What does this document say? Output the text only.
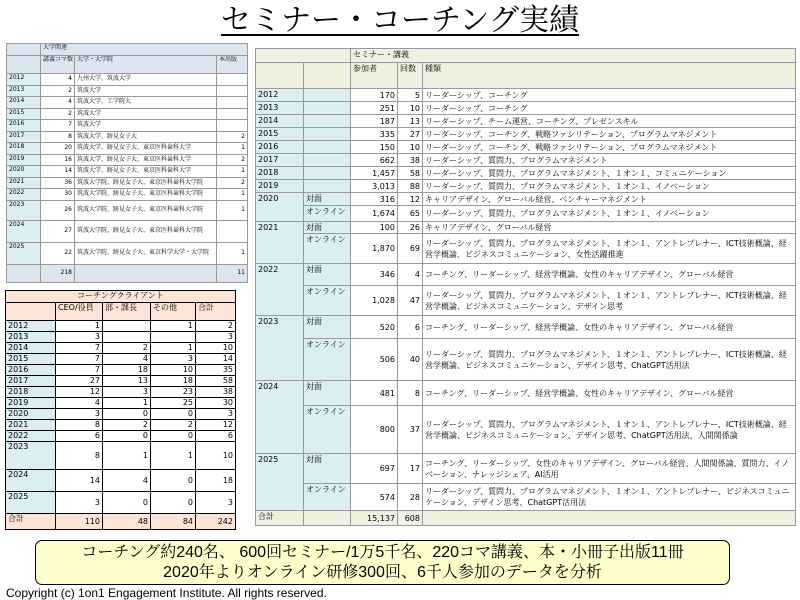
セミナー・コーチング実績
	大学関連		
	講義コマ数	大学・大学院	本出版
2012	4	九州大学、筑波大学	
2013	2	筑波大学	
2014	4	筑波大学、工学院大	
2015	2	筑波大学	
2016	7	筑波大学	
2017	8	筑波大学、跡見女子大	2
2018	20	筑波大学、跡見女子大、東京医科歯科大学	1
2019	16	筑波大学、跡見女子大、東京医科歯科大学	2
2020	14	筑波大学、跡見女子大、東京医科歯科大学	1
2021	36	筑波大学院、跡見女子大、東京医科歯科大学院	2
2022	30	筑波大学院、跡見女子大、東京医科歯科大学院	1
2023	26	筑波大学院、跡見女子大、東京医科歯科大学院	1
2024	27	筑波大学院、跡見女子大、東京医科歯科大学院	
2025	22	筑波大学院、跡見女子大、東京科学大学・大学院	1
	218		11
コーチングクライアント				
	CEO/役員	部・課長	その他	合計
2012	1		1	2
2013	3			3
2014	7	2	1	10
2015	7	4	3	14
2016	7	18	10	35
2017	27	13	18	58
2018	12	3	23	38
2019	4	1	25	30
2020	3	0	0	3
2021	8	2	2	12
2022	6	0	0	6
2023	8	1	1	10
2024	14	4	0	18
2025	3	0	0	3
合計	110	48	84	242
		セミナー・講義		
		参加者	回数	種類
2012		170	5	リーダーシップ、コーチング
2013		251	10	リーダーシップ、コーチング
2014		187	13	リーダーシップ、チーム運営、コーチング、プレゼンスキル
2015		335	27	リーダーシップ、コーチング、戦略ファシリテーション、プログラムマネジメント
2016		150	10	リーダーシップ、コーチング、戦略ファシリテーション、プログラムマネジメント
2017		662	38	リーダーシップ、質問力、プログラムマネジメント
2018		1,457	58	リーダーシップ、質問力、プログラムマネジメント、１オン１、コミュニケーション
2019		3,013	88	リーダーシップ、質問力、プログラムマネジメント、１オン１、イノベーション
2020	対面	316	12	キャリアデザイン、グローバル経営、ベンチャーマネジメント
	オンライン	1,674	65	リーダーシップ、質問力、プログラムマネジメント、１オン１、イノベーション
2021	対面	100	26	キャリアデザイン、グローバル経営
	オンライン	1,870	69	リーダーシップ、質問力、プログラムマネジメント、１オン１、アントレプレナー、ICT技術概論、経営学概論、ビジネスコミュニケーション、女性活躍推進
2022	対面	346	4	コーチング、リーダーシップ、経営学概論、女性のキャリアデザイン、グローバル経営
	オンライン	1,028	47	リーダーシップ、質問力、プログラムマネジメント、１オン１、アントレプレナー、ICT技術概論、経営学概論、ビジネスコミュニケーション、デザイン思考
2023	対面	520	6	コーチング、リーダーシップ、経営学概論、女性のキャリアデザイン、グローバル経営
	オンライン	506	40	リーダーシップ、質問力、プログラムマネジメント、１オン１、アントレプレナー、ICT技術概論、経営学概論、ビジネスコミュニケーション、デザイン思考、ChatGPT活用法
2024	対面	481	8	コーチング、リーダーシップ、経営学概論、女性のキャリアデザイン、グローバル経営
	オンライン	800	37	リーダーシップ、質問力、プログラムマネジメント、１オン１、アントレプレナー、ICT技術概論、経営学概論、ビジネスコミュニケーション、デザイン思考、ChatGPT活用法、人間関係論
2025	対面	697	17	コーチング、リーダーシップ、女性のキャリアデザイン、グローバル経営、人間関係論、質問力、イノベーション、ナレッジシェア、AI活用
	オンライン	574	28	リーダーシップ、質問力、プログラムマネジメント、１オン１、アントレプレナー、ビジネスコミュニケーション、デザイン思考、ChatGPT活用法
合計		15,137	608	
コーチング約240名、 600回セミナー/1万5千名、220コマ講義、本・小冊子出版11冊
2020年よりオンライン研修300回、6千人参加のデータを分析
Copyright (c) 1on1 Engagement Institute. All rights reserved.
